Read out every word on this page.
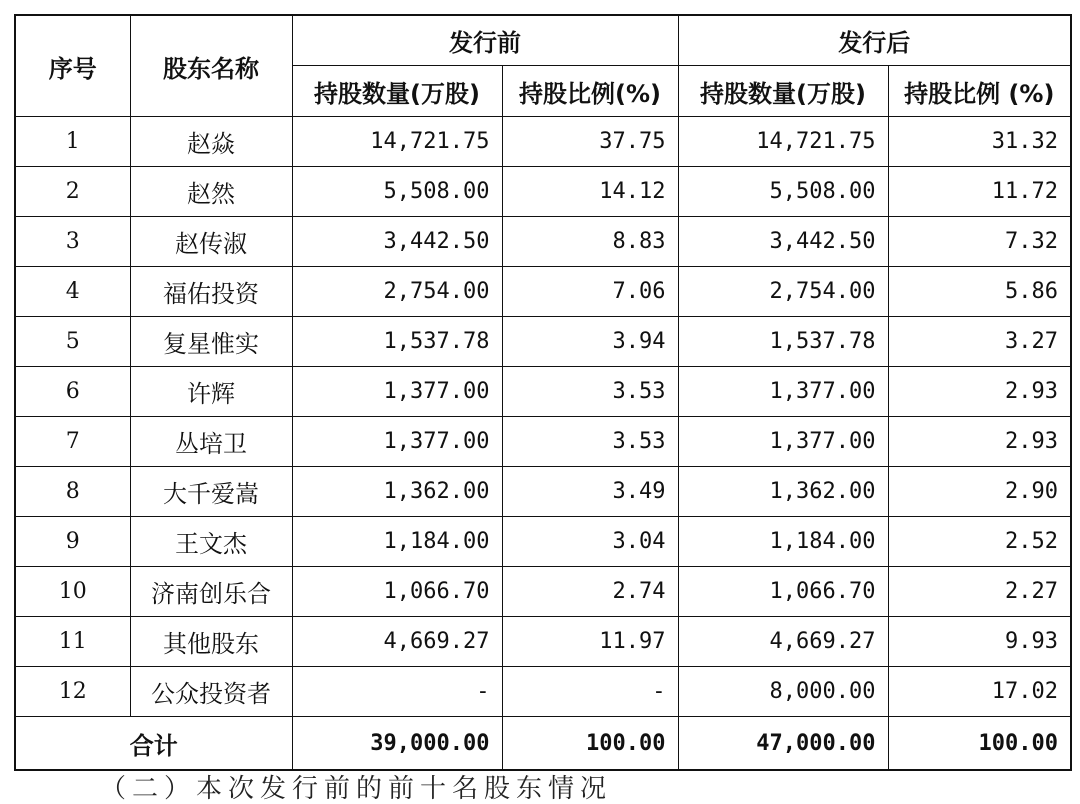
序号	股东名称	发行前		发行后	
		持股数量(万股)	持股比例(%)	持股数量(万股)	持股比例 (%)
1	赵焱	14,721.75	37.75	14,721.75	31.32
2	赵然	5,508.00	14.12	5,508.00	11.72
3	赵传淑	3,442.50	8.83	3,442.50	7.32
4	福佑投资	2,754.00	7.06	2,754.00	5.86
5	复星惟实	1,537.78	3.94	1,537.78	3.27
6	许辉	1,377.00	3.53	1,377.00	2.93
7	丛培卫	1,377.00	3.53	1,377.00	2.93
8	大千爱嵩	1,362.00	3.49	1,362.00	2.90
9	王文杰	1,184.00	3.04	1,184.00	2.52
10	济南创乐合	1,066.70	2.74	1,066.70	2.27
11	其他股东	4,669.27	11.97	4,669.27	9.93
12	公众投资者	-	-	8,000.00	17.02
合计		39,000.00	100.00	47,000.00	100.00
（二）本次发行前的前十名股东情况
